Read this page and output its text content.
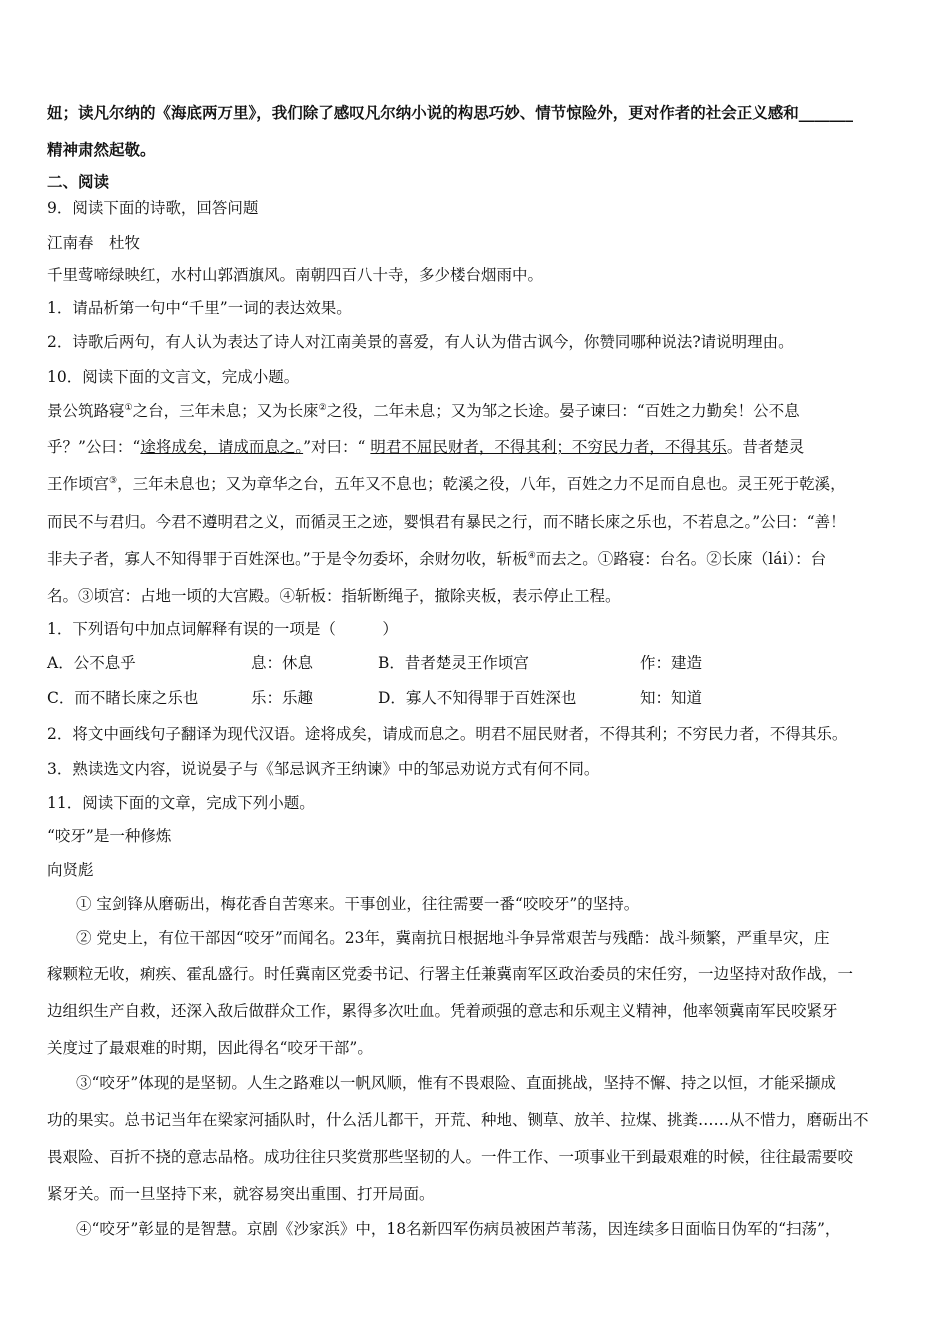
妞；读凡尔纳的《海底两万里》，我们除了感叹凡尔纳小说的构思巧妙、情节惊险外，更对作者的社会正义感和_______
精神肃然起敬。
二、阅读
9．阅读下面的诗歌，回答问题
江南春　杜牧
千里莺啼绿映红，水村山郭酒旗风。南朝四百八十寺，多少楼台烟雨中。
1．请品析第一句中“千里”一词的表达效果。
2．诗歌后两句，有人认为表达了诗人对江南美景的喜爱，有人认为借古讽今，你赞同哪种说法?请说明理由。
10．阅读下面的文言文，完成小题。
景公筑路寝①之台，三年未息；又为长庲②之役，二年未息；又为邹之长途。晏子谏曰：“百姓之力勤矣！公不息
乎？”公曰：“途将成矣，请成而息之。”对曰：“ 明君不屈民财者，不得其利；不穷民力者，不得其乐。昔者楚灵
王作顷宫③，三年未息也；又为章华之台，五年又不息也；乾溪之役，八年，百姓之力不足而自息也。灵王死于乾溪，
而民不与君归。今君不遵明君之义，而循灵王之迹，婴惧君有暴民之行，而不睹长庲之乐也，不若息之。”公曰：“善！
非夫子者，寡人不知得罪于百姓深也。”于是令勿委坏，余财勿收，斩板④而去之。①路寝：台名。②长庲（lái）：台
名。③顷宫：占地一顷的大宫殿。④斩板：指斩断绳子，撤除夹板，表示停止工程。
1．下列语句中加点词解释有误的一项是（　　　）
A．公不息乎	息：休息	B．昔者楚灵王作顷宫	作：建造
C．而不睹长庲之乐也	乐：乐趣	D．寡人不知得罪于百姓深也	知：知道
2．将文中画线句子翻译为现代汉语。途将成矣，请成而息之。明君不屈民财者，不得其利；不穷民力者，不得其乐。
3．熟读选文内容，说说晏子与《邹忌讽齐王纳谏》中的邹忌劝说方式有何不同。
11．阅读下面的文章，完成下列小题。
“咬牙”是一种修炼
向贤彪
① 宝剑锋从磨砺出，梅花香自苦寒来。干事创业，往往需要一番“咬咬牙”的坚持。
② 党史上，有位干部因“咬牙”而闻名。23年，冀南抗日根据地斗争异常艰苦与残酷：战斗频繁，严重旱灾，庄
稼颗粒无收，痢疾、霍乱盛行。时任冀南区党委书记、行署主任兼冀南军区政治委员的宋任穷，一边坚持对敌作战，一
边组织生产自救，还深入敌后做群众工作，累得多次吐血。凭着顽强的意志和乐观主义精神，他率领冀南军民咬紧牙
关度过了最艰难的时期，因此得名“咬牙干部”。
③“咬牙”体现的是坚韧。人生之路难以一帆风顺，惟有不畏艰险、直面挑战，坚持不懈、持之以恒，才能采撷成
功的果实。总书记当年在梁家河插队时，什么活儿都干，开荒、种地、铡草、放羊、拉煤、挑粪……从不惜力，磨砺出不
畏艰险、百折不挠的意志品格。成功往往只奖赏那些坚韧的人。一件工作、一项事业干到最艰难的时候，往往最需要咬
紧牙关。而一旦坚持下来，就容易突出重围、打开局面。
④“咬牙”彰显的是智慧。京剧《沙家浜》中，18名新四军伤病员被困芦苇荡，因连续多日面临日伪军的“扫荡”，
